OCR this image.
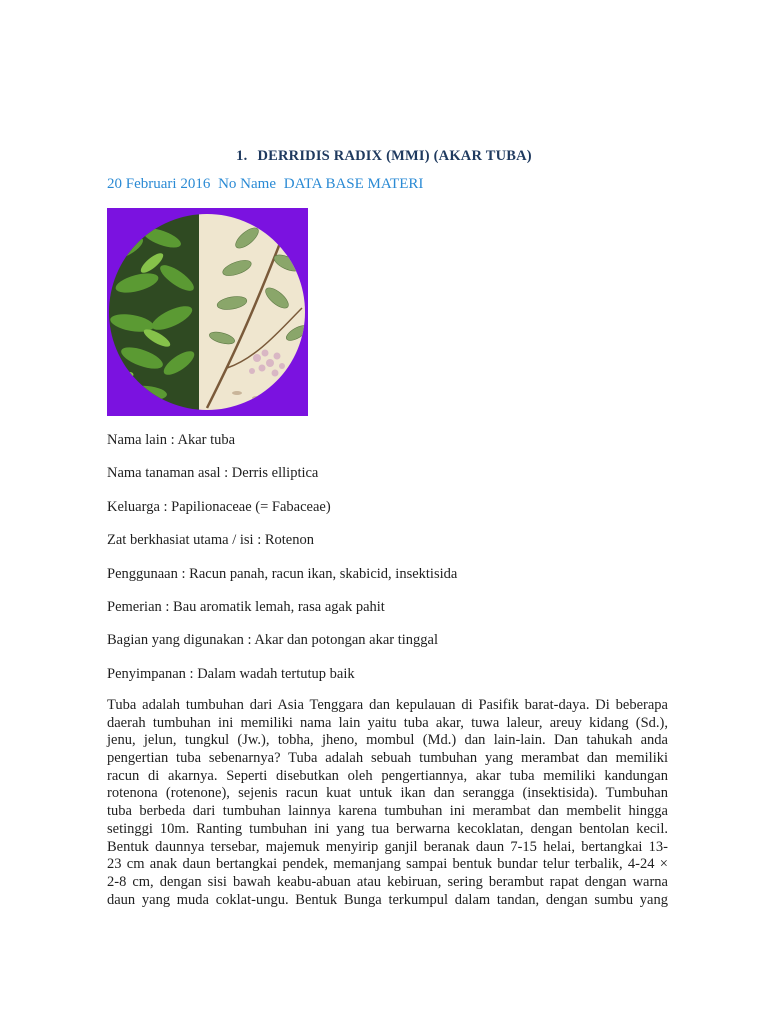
1. DERRIDIS RADIX (MMI) (AKAR TUBA)
20 Februari 2016 No Name DATA BASE MATERI
Nama lain : Akar tuba
Nama tanaman asal : Derris elliptica
Keluarga : Papilionaceae (= Fabaceae)
Zat berkhasiat utama / isi : Rotenon
Penggunaan : Racun panah, racun ikan, skabicid, insektisida
Pemerian : Bau aromatik lemah, rasa agak pahit
Bagian yang digunakan : Akar dan potongan akar tinggal
Penyimpanan : Dalam wadah tertutup baik
Tuba adalah tumbuhan dari Asia Tenggara dan kepulauan di Pasifik barat-daya. Di beberapa
daerah tumbuhan ini memiliki nama lain yaitu tuba akar, tuwa laleur, areuy kidang (Sd.),
jenu, jelun, tungkul (Jw.), tobha, jheno, mombul (Md.) dan lain-lain. Dan tahukah anda
pengertian tuba sebenarnya? Tuba adalah sebuah tumbuhan yang merambat dan memiliki
racun di akarnya. Seperti disebutkan oleh pengertiannya, akar tuba memiliki kandungan
rotenona (rotenone), sejenis racun kuat untuk ikan dan serangga (insektisida). Tumbuhan
tuba berbeda dari tumbuhan lainnya karena tumbuhan ini merambat dan membelit hingga
setinggi 10m. Ranting tumbuhan ini yang tua berwarna kecoklatan, dengan bentolan kecil.
Bentuk daunnya tersebar, majemuk menyirip ganjil beranak daun 7-15 helai, bertangkai 13-
23 cm anak daun bertangkai pendek, memanjang sampai bentuk bundar telur terbalik, 4-24 ×
2-8 cm, dengan sisi bawah keabu-abuan atau kebiruan, sering berambut rapat dengan warna
daun yang muda coklat-ungu. Bentuk Bunga terkumpul dalam tandan, dengan sumbu yang
